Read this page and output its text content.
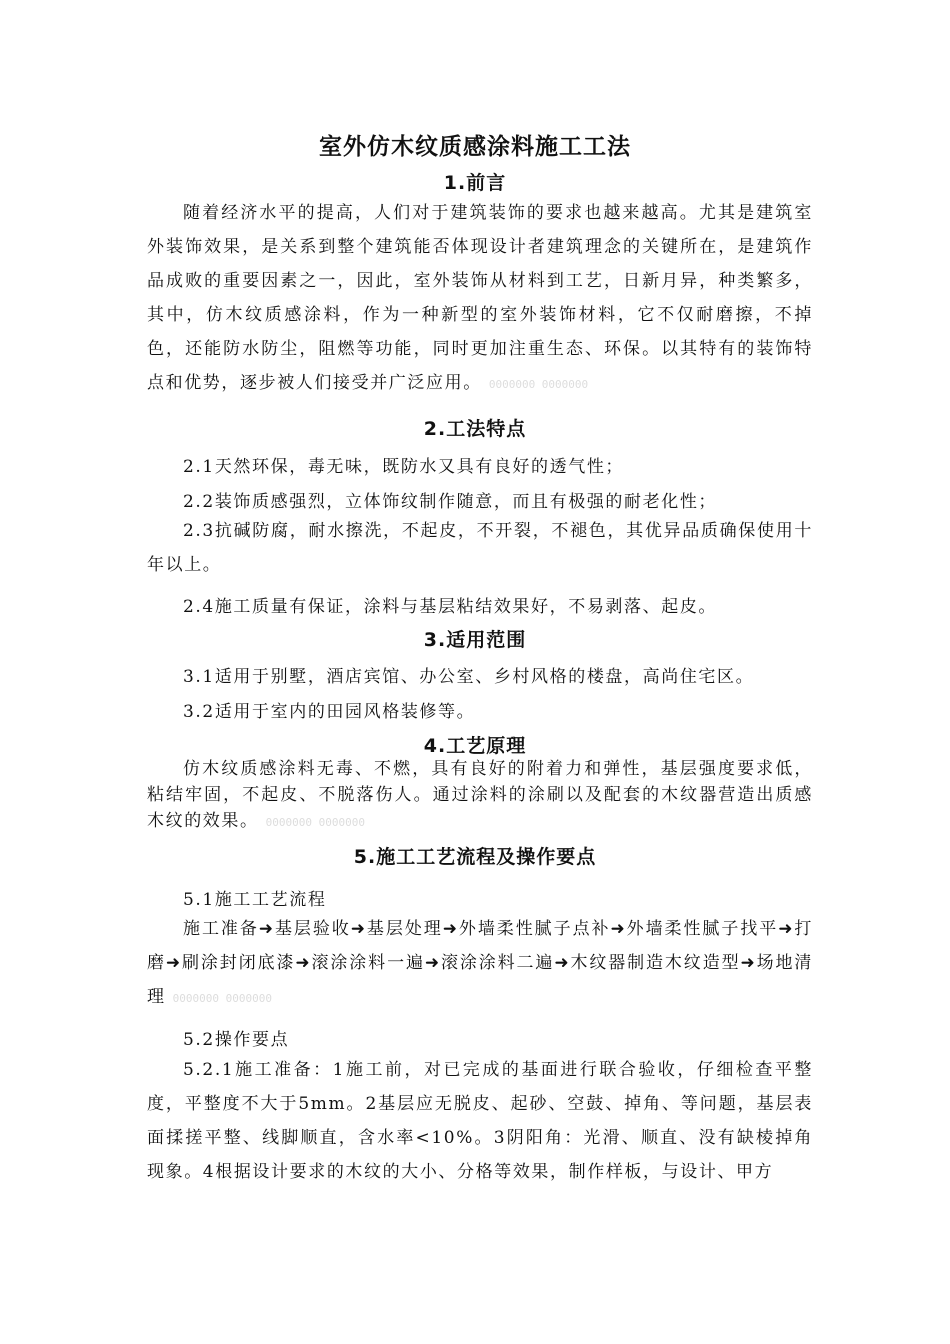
室外仿木纹质感涂料施工工法
1.前言
随着经济水平的提高，人们对于建筑装饰的要求也越来越高。尤其是建筑室外装饰效果，是关系到整个建筑能否体现设计者建筑理念的关键所在，是建筑作品成败的重要因素之一，因此，室外装饰从材料到工艺，日新月异，种类繁多，其中，仿木纹质感涂料，作为一种新型的室外装饰材料，它不仅耐磨擦，不掉色，还能防水防尘，阻燃等功能，同时更加注重生态、环保。以其特有的装饰特点和优势，逐步被人们接受并广泛应用。 0000000 0000000
2.工法特点
2.1天然环保，毒无味，既防水又具有良好的透气性；
2.2装饰质感强烈，立体饰纹制作随意，而且有极强的耐老化性；
2.3抗碱防腐，耐水擦洗，不起皮，不开裂，不褪色，其优异品质确保使用十年以上。
2.4施工质量有保证，涂料与基层粘结效果好，不易剥落、起皮。
3.适用范围
3.1适用于别墅，酒店宾馆、办公室、乡村风格的楼盘，高尚住宅区。
3.2适用于室内的田园风格装修等。
4.工艺原理
仿木纹质感涂料无毒、不燃，具有良好的附着力和弹性，基层强度要求低，粘结牢固，不起皮、不脱落伤人。通过涂料的涂刷以及配套的木纹器营造出质感木纹的效果。 0000000 0000000
5.施工工艺流程及操作要点
5.1施工工艺流程
施工准备➜基层验收➜基层处理➜外墙柔性腻子点补➜外墙柔性腻子找平➜打磨➜刷涂封闭底漆➜滚涂涂料一遍➜滚涂涂料二遍➜木纹器制造木纹造型➜场地清理 0000000 0000000
5.2操作要点
5.2.1施工准备：1施工前，对已完成的基面进行联合验收，仔细检查平整度，平整度不大于5mm。2基层应无脱皮、起砂、空鼓、掉角、等问题，基层表面揉搓平整、线脚顺直，含水率<10%。3阴阳角：光滑、顺直、没有缺棱掉角现象。4根据设计要求的木纹的大小、分格等效果，制作样板，与设计、甲方
